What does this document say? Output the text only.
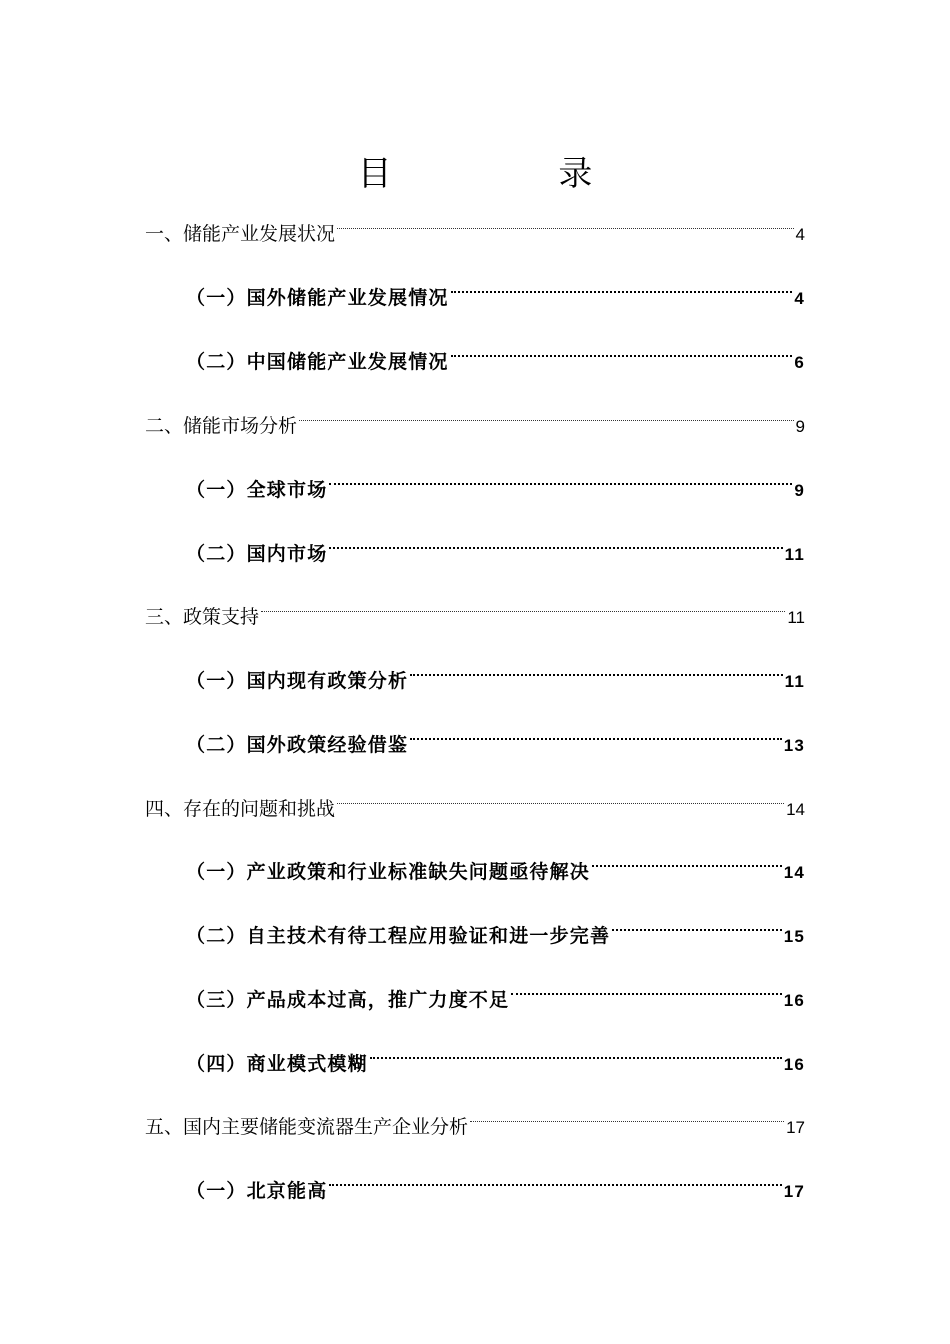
目 录
一、储能产业发展状况	4
（一）国外储能产业发展情况	4
（二）中国储能产业发展情况	6
二、储能市场分析	9
（一）全球市场	9
（二）国内市场	11
三、政策支持	11
（一）国内现有政策分析	11
（二）国外政策经验借鉴	13
四、存在的问题和挑战	14
（一）产业政策和行业标准缺失问题亟待解决	14
（二）自主技术有待工程应用验证和进一步完善	15
（三）产品成本过高，推广力度不足	16
（四）商业模式模糊	16
五、国内主要储能变流器生产企业分析	17
（一）北京能高	17
